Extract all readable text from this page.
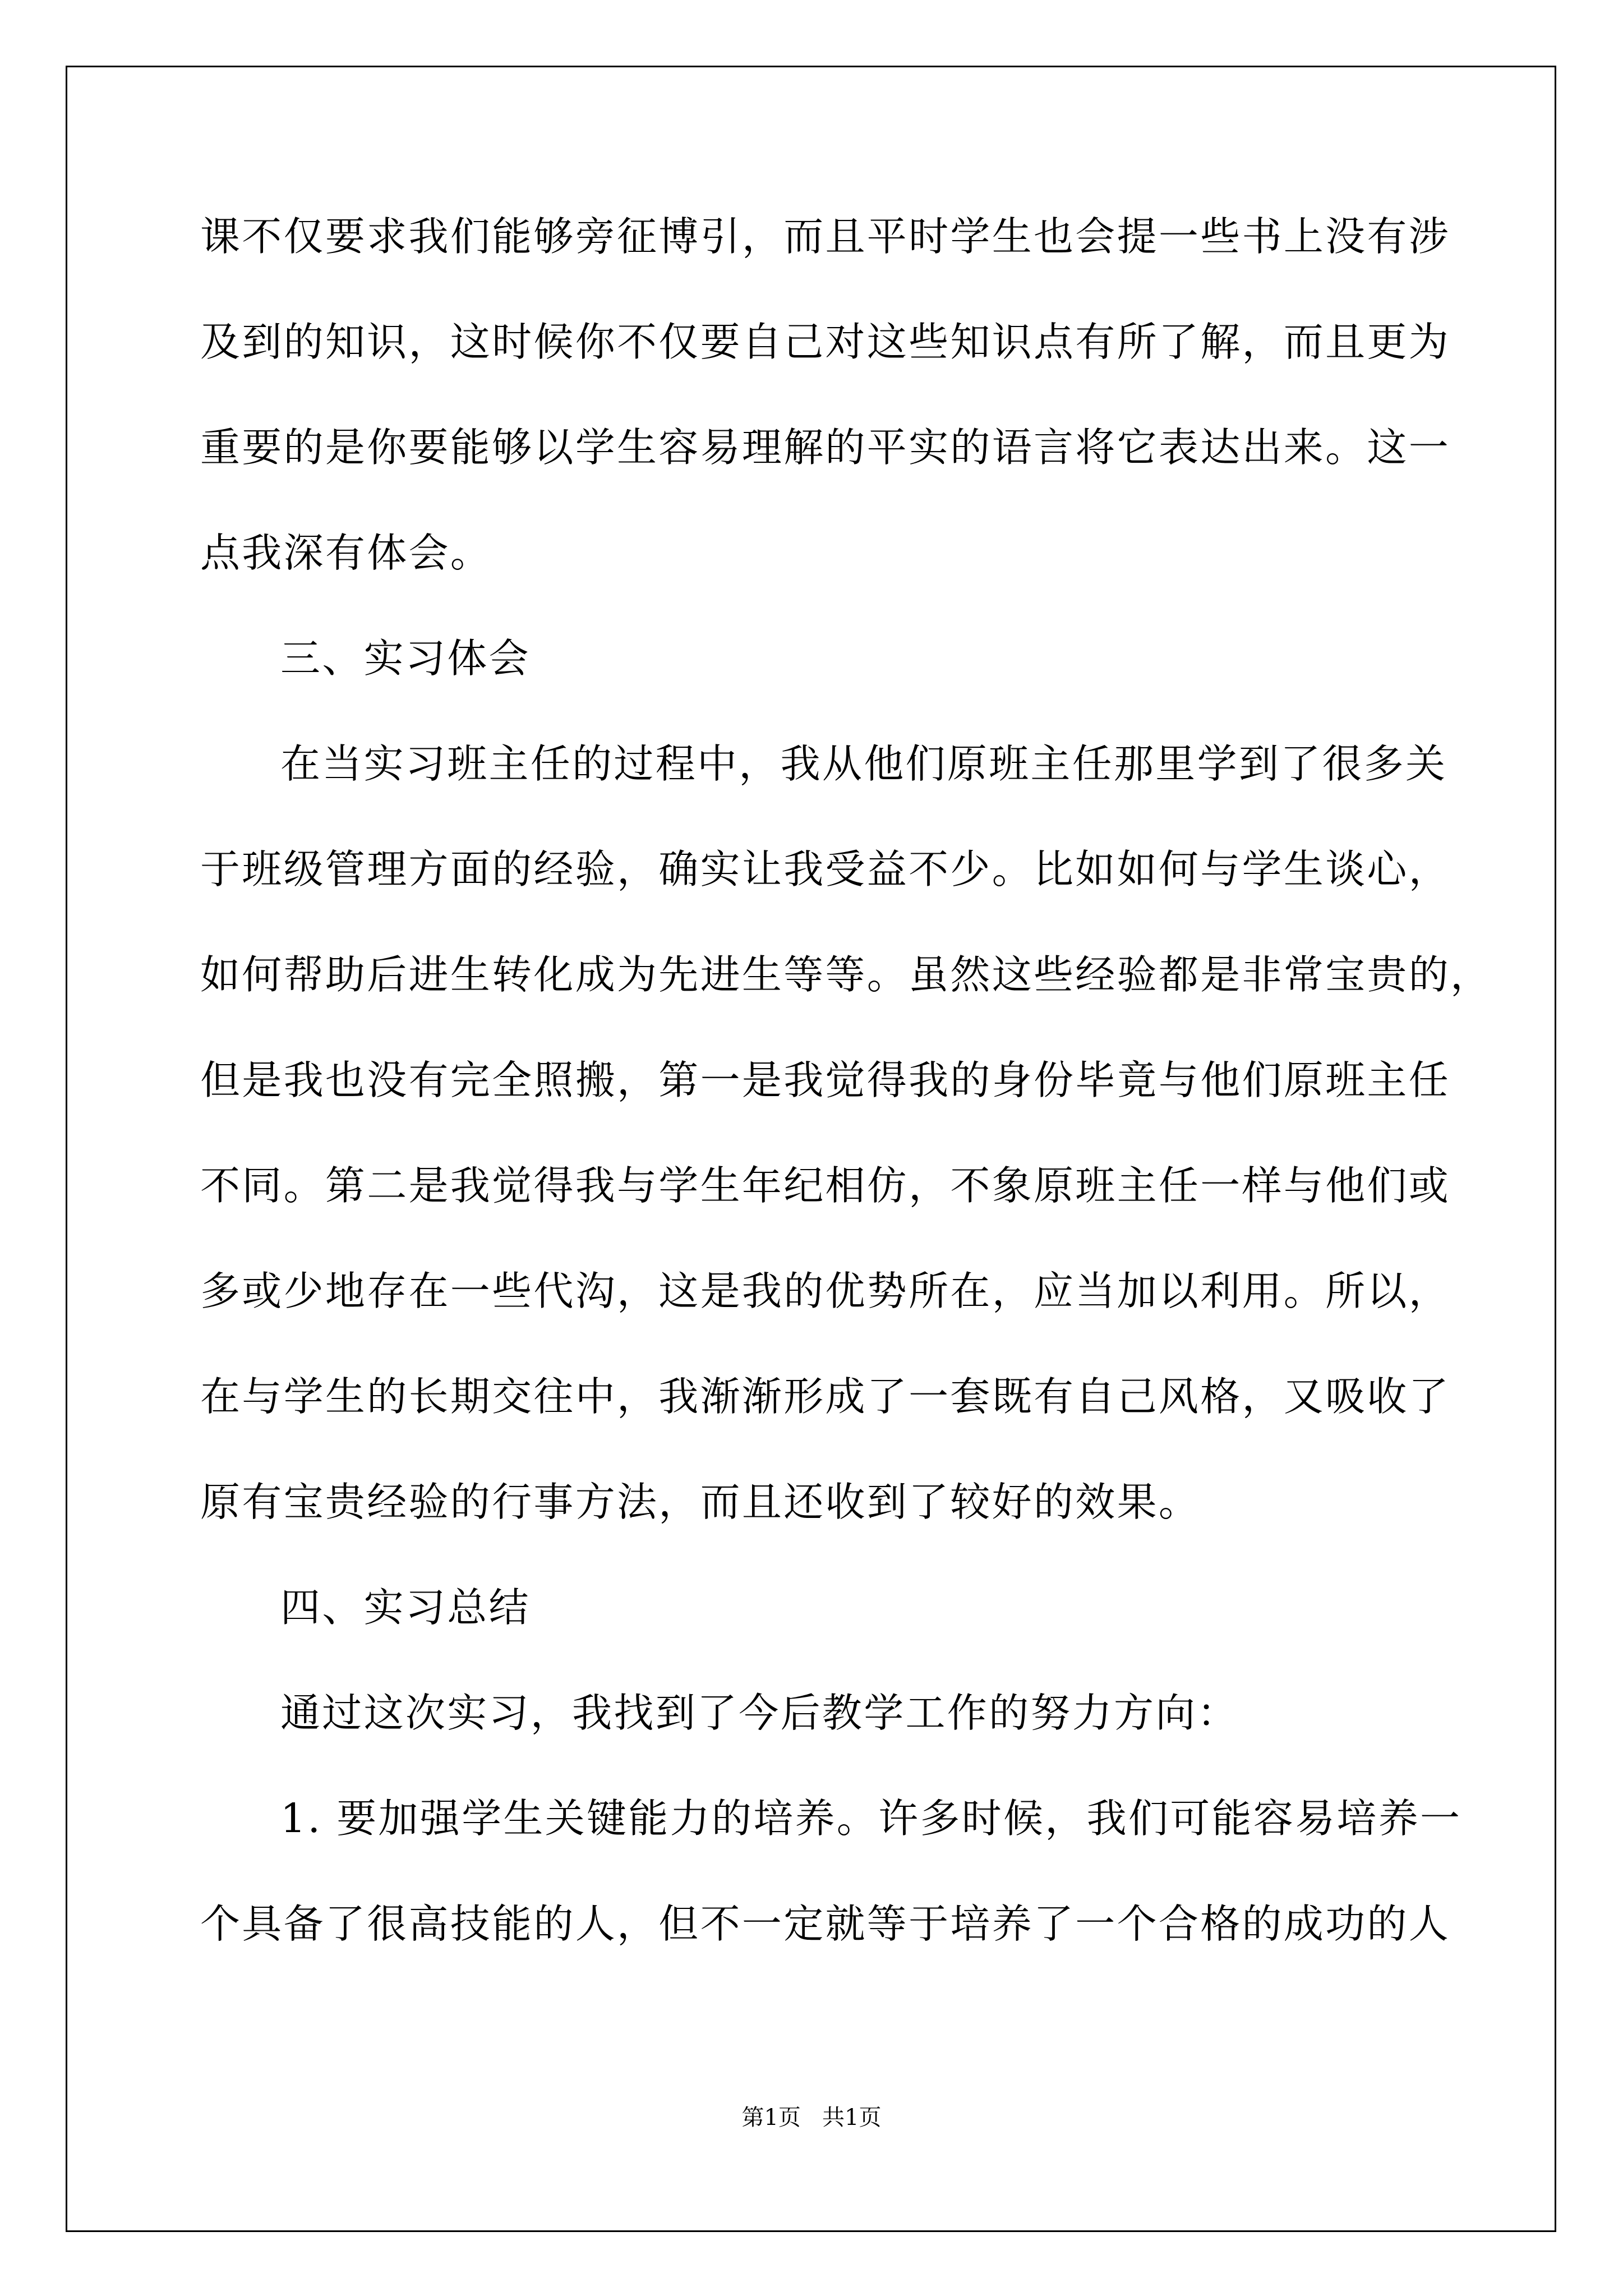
课不仅要求我们能够旁征博引，而且平时学生也会提一些书上没有涉
及到的知识，这时候你不仅要自己对这些知识点有所了解，而且更为
重要的是你要能够以学生容易理解的平实的语言将它表达出来。这一
点我深有体会。
三、实习体会
在当实习班主任的过程中，我从他们原班主任那里学到了很多关
于班级管理方面的经验，确实让我受益不少。比如如何与学生谈心，
如何帮助后进生转化成为先进生等等。虽然这些经验都是非常宝贵的，
但是我也没有完全照搬，第一是我觉得我的身份毕竟与他们原班主任
不同。第二是我觉得我与学生年纪相仿，不象原班主任一样与他们或
多或少地存在一些代沟，这是我的优势所在，应当加以利用。所以，
在与学生的长期交往中，我渐渐形成了一套既有自己风格，又吸收了
原有宝贵经验的行事方法，而且还收到了较好的效果。
四、实习总结
通过这次实习，我找到了今后教学工作的努力方向：
1. 要加强学生关键能力的培养。许多时候，我们可能容易培养一
个具备了很高技能的人，但不一定就等于培养了一个合格的成功的人
第1页   共1页
